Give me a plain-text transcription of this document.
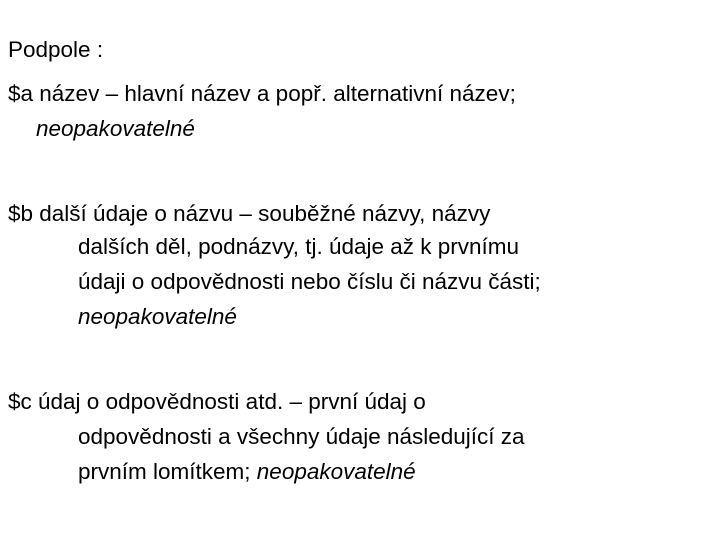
Podpole :
$a název – hlavní název a popř. alternativní název;
neopakovatelné
$b další údaje o názvu – souběžné názvy, názvy
dalších děl, podnázvy, tj. údaje až k prvnímu
údaji o odpovědnosti nebo číslu či názvu části;
neopakovatelné
$c údaj o odpovědnosti atd. – první údaj o
odpovědnosti a všechny údaje následující za
prvním lomítkem; neopakovatelné
